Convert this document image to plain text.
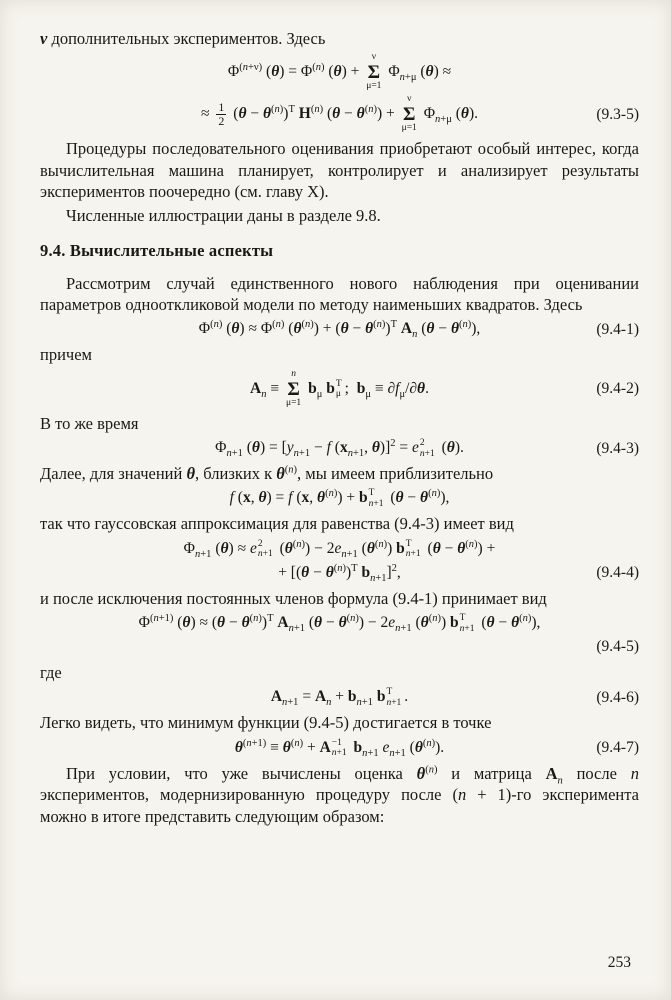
ν дополнительных экспериментов. Здесь

$\Phi^{(n+\nu)}$ $(\theta) = \Phi^{(n)}$ (θ) +
ν
Σ
μ=1
$\Phi_{n+\mu}$ (θ) ≈
≈ $\frac{1}{2} (\theta - \theta^{(n)})^T$ $H^{(n)}$ $(\theta - \theta^{(n)})$ +
ν
Σ
μ=1
$\Phi_{n+\mu}$ (θ).	(9.3-5)

Процедуры последовательного оценивания приобретают особый интерес, когда вычислительная машина планирует, контролирует и анализирует результаты экспериментов поочередно (см. главу X).

Численные иллюстрации даны в разделе 9.8.

9.4. Вычислительные аспекты

Рассмотрим случай единственного нового наблюдения при оценивании параметров однооткликовой модели по методу наименьших квадратов. Здесь

$\Phi^{(n)}$ $(\theta) \approx \Phi^{(n)}$ $(\theta^{(n)}) + (\theta - \theta^{(n)})^T$ $A_n$ $(\theta - \theta^{(n)})$,	(9.4-1)

причем

$A_n$ ≡
n
Σ
μ=1
$b_\mu$ b T
μ ;  $b_\mu \equiv \partial f_\mu/\partial\theta$.	(9.4-2)

В то же время

$\Phi_{n+1}$ $(\theta) = [y_{n+1} - f$ ($x_{n+1}$, θ)]$^2$ = e 2
n+1 (θ).	(9.4-3)

Далее, для значений θ, близких к $\theta^{(n)}$, мы имеем приблизительно

f (x, θ) = f (x, $\theta^{(n)}) + b$ T
n+1 $(\theta - \theta^{(n)})$,

так что гауссовская аппроксимация для равенства (9.4-3) имеет вид

$\Phi_{n+1}$ (θ) ≈ e 2
n+1 $(\theta^{(n)}) - 2e_{n+1}$ $(\theta^{(n)})$ b T
n+1 $(\theta - \theta^{(n)})$ +
+ [$(\theta - \theta^{(n)})^T$ $b_{n+1}]^2$,	(9.4-4)

и после исключения постоянных членов формула (9.4-1) принимает вид

$\Phi^{(n+1)}$ $(\theta) \approx (\theta - \theta^{(n)})^T$ $A_{n+1}$ $(\theta - \theta^{(n)}) - 2e_{n+1}$ $(\theta^{(n)})$ b T
n+1 $(\theta - \theta^{(n)})$,
(9.4-5)

где

$A_{n+1} = A_n + b_{n+1}$ b T
n+1 .	(9.4-6)

Легко видеть, что минимум функции (9.4-5) достигается в точке

$\theta^{(n+1)} \equiv \theta^{(n)} + A -1$
n+1 $b_{n+1}$ $e_{n+1}$ $(\theta^{(n)})$.	(9.4-7)

При условии, что уже вычислены оценка $\theta^{(n)}$ и матрица $A_n$ после n экспериментов, модернизированную процедуру после (n + 1)-го эксперимента можно в итоге представить следующим образом:

253
